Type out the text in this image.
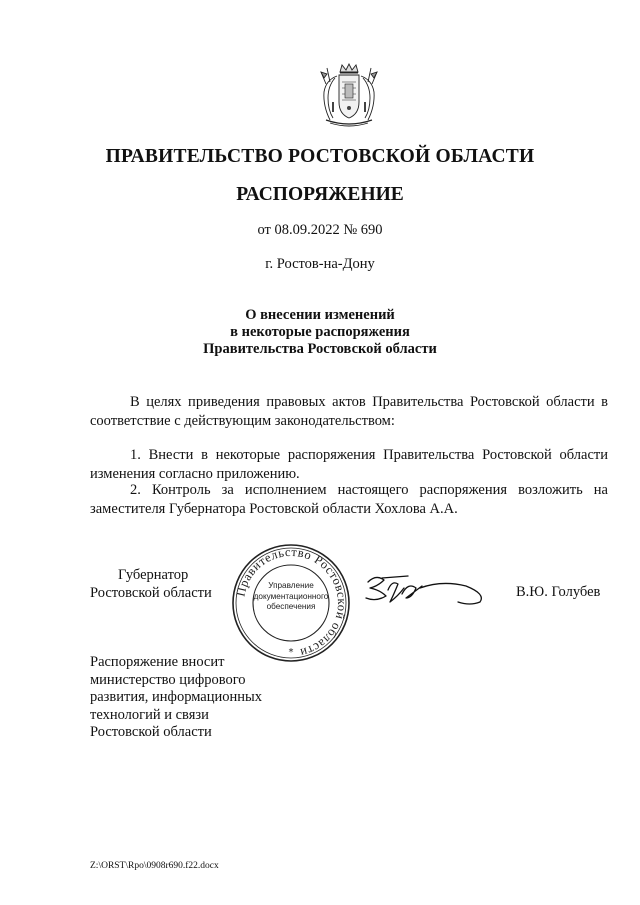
ПРАВИТЕЛЬСТВО РОСТОВСКОЙ ОБЛАСТИ
РАСПОРЯЖЕНИЕ
от 08.09.2022 № 690
г. Ростов-на-Дону
О внесении изменений
в некоторые распоряжения
Правительства Ростовской области
В целях приведения правовых актов Правительства Ростовской области в соответствие с действующим законодательством:
1. Внести в некоторые распоряжения Правительства Ростовской области изменения согласно приложению.
2. Контроль за исполнением настоящего распоряжения возложить на заместителя Губернатора Ростовской области Хохлова А.А.
Губернатор
Ростовской области Правительство Ростовской области
*
Управление
документационного
обеспечения
В.Ю. Голубев
Распоряжение вносит
министерство цифрового
развития, информационных
технологий и связи
Ростовской области
Z:\ORST\Rpo\0908r690.f22.docx
